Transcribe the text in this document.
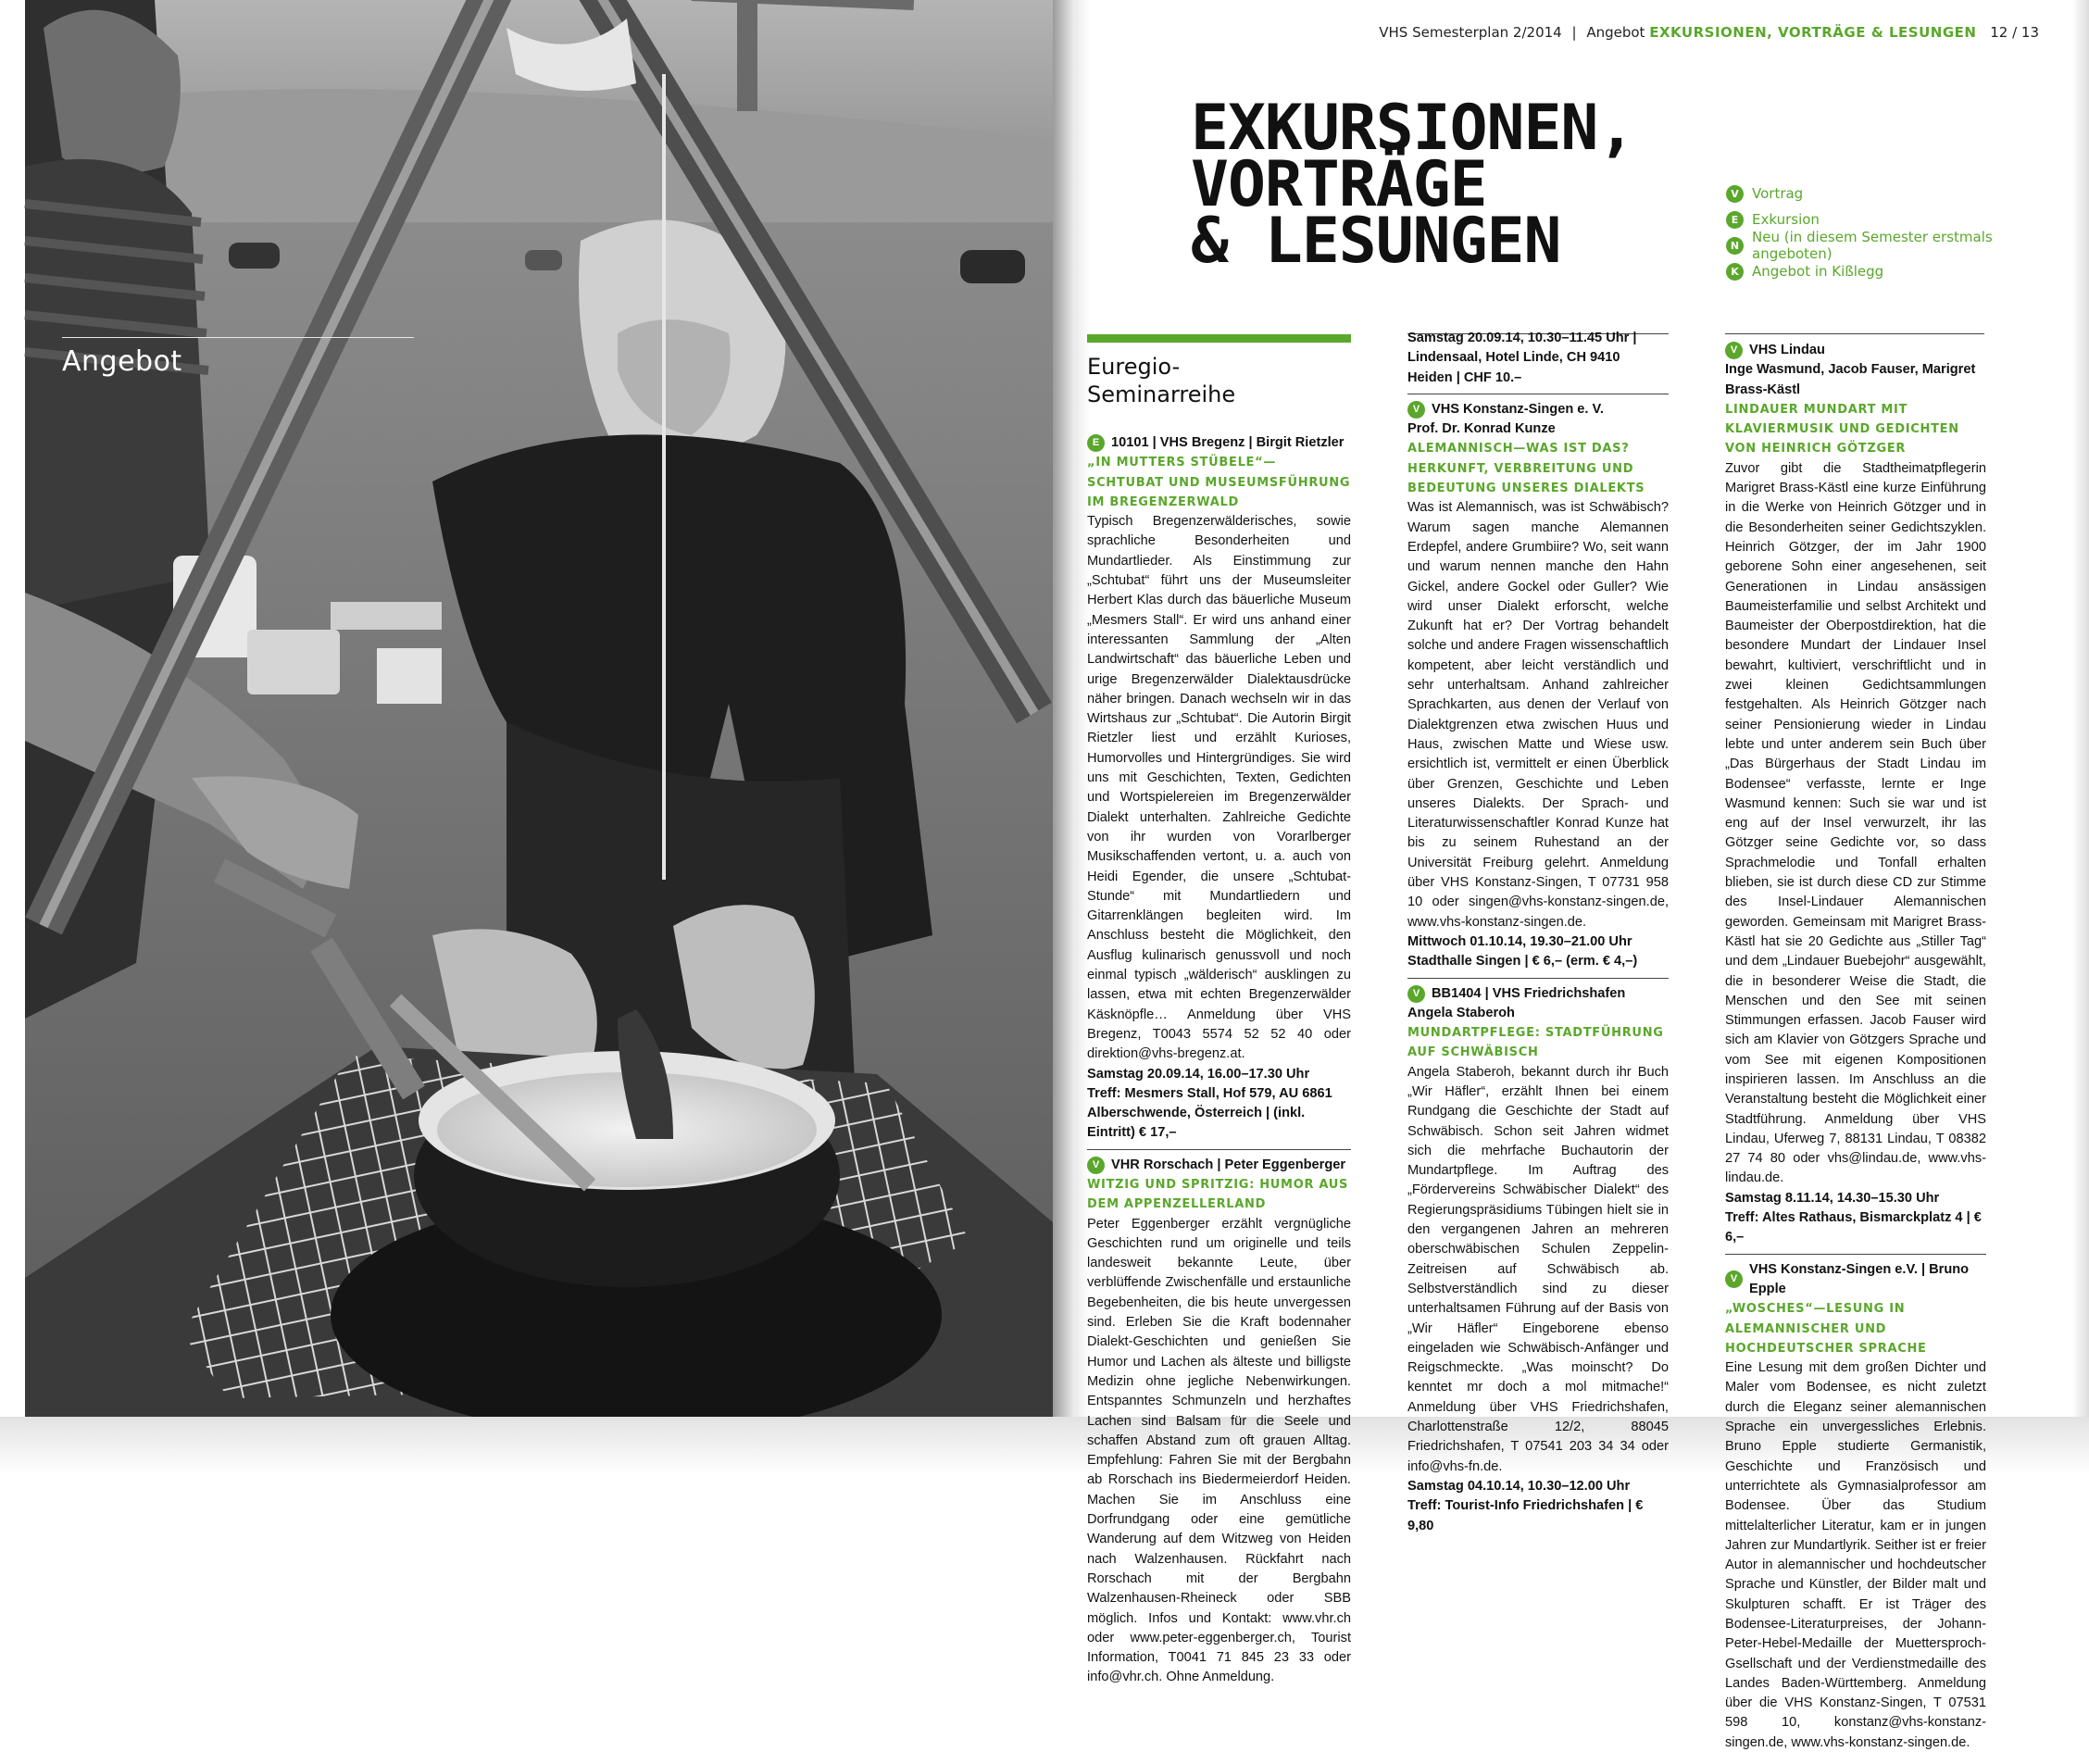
Angebot
VHS Semesterplan 2/2014 | Angebot EXKURSIONEN, VORTRÄGE & LESUNGEN 12 / 13
EXKURSIONEN,
VORTRÄGE
& LESUNGEN
V Vortrag
E Exkursion
N Neu (in diesem Semester erstmals angeboten)
K Angebot in Kißlegg
Euregio-
Seminarreihe
E 10101 | VHS Bregenz | Birgit Rietzler
„IN MUTTERS STÜBELE“—SCHTUBAT UND MUSEUMSFÜHRUNG IM BREGENZERWALD
Typisch Bregenzerwälderisches, sowie sprachliche Besonderheiten und Mundartlieder. Als Einstimmung zur „Schtubat“ führt uns der Museumsleiter Herbert Klas durch das bäuerliche Museum „Mesmers Stall“. Er wird uns anhand einer interessanten Sammlung der „Alten Landwirtschaft“ das bäuerliche Leben und urige Bregenzerwälder Dialektausdrücke näher bringen. Danach wechseln wir in das Wirtshaus zur „Schtubat“. Die Autorin Birgit Rietzler liest und erzählt Kurioses, Humorvolles und Hintergründiges. Sie wird uns mit Geschichten, Texten, Gedichten und Wortspielereien im Bregenzerwälder Dialekt unterhalten. Zahlreiche Gedichte von ihr wurden von Vorarlberger Musikschaffenden vertont, u. a. auch von Heidi Egender, die unsere „Schtubat-Stunde“ mit Mundartliedern und Gitarrenklängen begleiten wird. Im Anschluss besteht die Möglichkeit, den Ausflug kulinarisch genussvoll und noch einmal typisch „wälderisch“ ausklingen zu lassen, etwa mit echten Bregenzerwälder Käsknöpfle… Anmeldung über VHS Bregenz, T0043 5574 52 52 40 oder direktion@vhs-bregenz.at.
Samstag 20.09.14, 16.00–17.30 Uhr
Treff: Mesmers Stall, Hof 579, AU 6861 Alberschwende, Österreich | (inkl. Eintritt) € 17,–
V VHR Rorschach | Peter Eggenberger
WITZIG UND SPRITZIG: HUMOR AUS DEM APPENZELLERLAND
Peter Eggenberger erzählt vergnügliche Geschichten rund um originelle und teils landesweit bekannte Leute, über verblüffende Zwischenfälle und erstaunliche Begebenheiten, die bis heute unvergessen sind. Erleben Sie die Kraft bodennaher Dialekt-Geschichten und genießen Sie Humor und Lachen als älteste und billigste Medizin ohne jegliche Nebenwirkungen. Entspanntes Schmunzeln und herzhaftes Lachen sind Balsam für die Seele und schaffen Abstand zum oft grauen Alltag. Empfehlung: Fahren Sie mit der Bergbahn ab Rorschach ins Biedermeierdorf Heiden. Machen Sie im Anschluss eine Dorfrundgang oder eine gemütliche Wanderung auf dem Witzweg von Heiden nach Walzenhausen. Rückfahrt nach Rorschach mit der Bergbahn Walzenhausen-Rheineck oder SBB möglich. Infos und Kontakt: www.vhr.ch oder www.peter-eggenberger.ch, Tourist Information, T0041 71 845 23 33 oder info@vhr.ch. Ohne Anmeldung.
Samstag 20.09.14, 10.30–11.45 Uhr | Lindensaal, Hotel Linde, CH 9410 Heiden | CHF 10.–
V VHS Konstanz-Singen e. V.
Prof. Dr. Konrad Kunze
ALEMANNISCH—WAS IST DAS? HERKUNFT, VERBREITUNG UND BEDEUTUNG UNSERES DIALEKTS
Was ist Alemannisch, was ist Schwäbisch? Warum sagen manche Alemannen Erdepfel, andere Grumbiire? Wo, seit wann und warum nennen manche den Hahn Gickel, andere Gockel oder Guller? Wie wird unser Dialekt erforscht, welche Zukunft hat er? Der Vortrag behandelt solche und andere Fragen wissenschaftlich kompetent, aber leicht verständlich und sehr unterhaltsam. Anhand zahlreicher Sprachkarten, aus denen der Verlauf von Dialektgrenzen etwa zwischen Huus und Haus, zwischen Matte und Wiese usw. ersichtlich ist, vermittelt er einen Überblick über Grenzen, Geschichte und Leben unseres Dialekts. Der Sprach- und Literaturwissenschaftler Konrad Kunze hat bis zu seinem Ruhestand an der Universität Freiburg gelehrt. Anmeldung über VHS Konstanz-Singen, T 07731 958 10 oder singen@vhs-konstanz-singen.de, www.vhs-konstanz-singen.de.
Mittwoch 01.10.14, 19.30–21.00 Uhr
Stadthalle Singen | € 6,– (erm. € 4,–)
V BB1404 | VHS Friedrichshafen
Angela Staberoh
MUNDARTPFLEGE: STADTFÜHRUNG AUF SCHWÄBISCH
Angela Staberoh, bekannt durch ihr Buch „Wir Häfler“, erzählt Ihnen bei einem Rundgang die Geschichte der Stadt auf Schwäbisch. Schon seit Jahren widmet sich die mehrfache Buchautorin der Mundartpflege. Im Auftrag des „Fördervereins Schwäbischer Dialekt“ des Regierungspräsidiums Tübingen hielt sie in den vergangenen Jahren an mehreren oberschwäbischen Schulen Zeppelin-Zeitreisen auf Schwäbisch ab. Selbstverständlich sind zu dieser unterhaltsamen Führung auf der Basis von „Wir Häfler“ Eingeborene ebenso eingeladen wie Schwäbisch-Anfänger und Reigschmeckte. „Was moinscht? Do kenntet mr doch a mol mitmache!“ Anmeldung über VHS Friedrichshafen, Charlottenstraße 12/2, 88045 Friedrichshafen, T 07541 203 34 34 oder info@vhs-fn.de.
Samstag 04.10.14, 10.30–12.00 Uhr
Treff: Tourist-Info Friedrichshafen | € 9,80
V VHS Lindau
Inge Wasmund, Jacob Fauser, Marigret Brass-Kästl
LINDAUER MUNDART MIT KLAVIERMUSIK UND GEDICHTEN VON HEINRICH GÖTZGER
Zuvor gibt die Stadtheimatpflegerin Marigret Brass-Kästl eine kurze Einführung in die Werke von Heinrich Götzger und in die Besonderheiten seiner Gedichtszyklen. Heinrich Götzger, der im Jahr 1900 geborene Sohn einer angesehenen, seit Generationen in Lindau ansässigen Baumeisterfamilie und selbst Architekt und Baumeister der Oberpostdirektion, hat die besondere Mundart der Lindauer Insel bewahrt, kultiviert, verschriftlicht und in zwei kleinen Gedichtsammlungen festgehalten. Als Heinrich Götzger nach seiner Pensionierung wieder in Lindau lebte und unter anderem sein Buch über „Das Bürgerhaus der Stadt Lindau im Bodensee“ verfasste, lernte er Inge Wasmund kennen: Such sie war und ist eng auf der Insel verwurzelt, ihr las Götzger seine Gedichte vor, so dass Sprachmelodie und Tonfall erhalten blieben, sie ist durch diese CD zur Stimme des Insel-Lindauer Alemannischen geworden. Gemeinsam mit Marigret Brass-Kästl hat sie 20 Gedichte aus „Stiller Tag“ und dem „Lindauer Buebejohr“ ausgewählt, die in besonderer Weise die Stadt, die Menschen und den See mit seinen Stimmungen erfassen. Jacob Fauser wird sich am Klavier von Götzgers Sprache und vom See mit eigenen Kompositionen inspirieren lassen. Im Anschluss an die Veranstaltung besteht die Möglichkeit einer Stadtführung. Anmeldung über VHS Lindau, Uferweg 7, 88131 Lindau, T 08382 27 74 80 oder vhs@lindau.de, www.vhs-lindau.de.
Samstag 8.11.14, 14.30–15.30 Uhr
Treff: Altes Rathaus, Bismarckplatz 4 | € 6,–
V
VHS Konstanz-Singen e.V. | Bruno Epple
„WOSCHES“—LESUNG IN ALEMANNISCHER UND HOCHDEUTSCHER SPRACHE
Eine Lesung mit dem großen Dichter und Maler vom Bodensee, es nicht zuletzt durch die Eleganz seiner alemannischen Sprache ein unvergessliches Erlebnis. Bruno Epple studierte Germanistik, Geschichte und Französisch und unterrichtete als Gymnasialprofessor am Bodensee. Über das Studium mittelalterlicher Literatur, kam er in jungen Jahren zur Mundartlyrik. Seither ist er freier Autor in alemannischer und hochdeutscher Sprache und Künstler, der Bilder malt und Skulpturen schafft. Er ist Träger des Bodensee-Literaturpreises, der Johann-Peter-Hebel-Medaille der Muettersproch-Gsellschaft und der Verdienstmedaille des Landes Baden-Württemberg. Anmeldung über die VHS Konstanz-Singen, T 07531 598 10, konstanz@vhs-konstanz-singen.de, www.vhs-konstanz-singen.de.
